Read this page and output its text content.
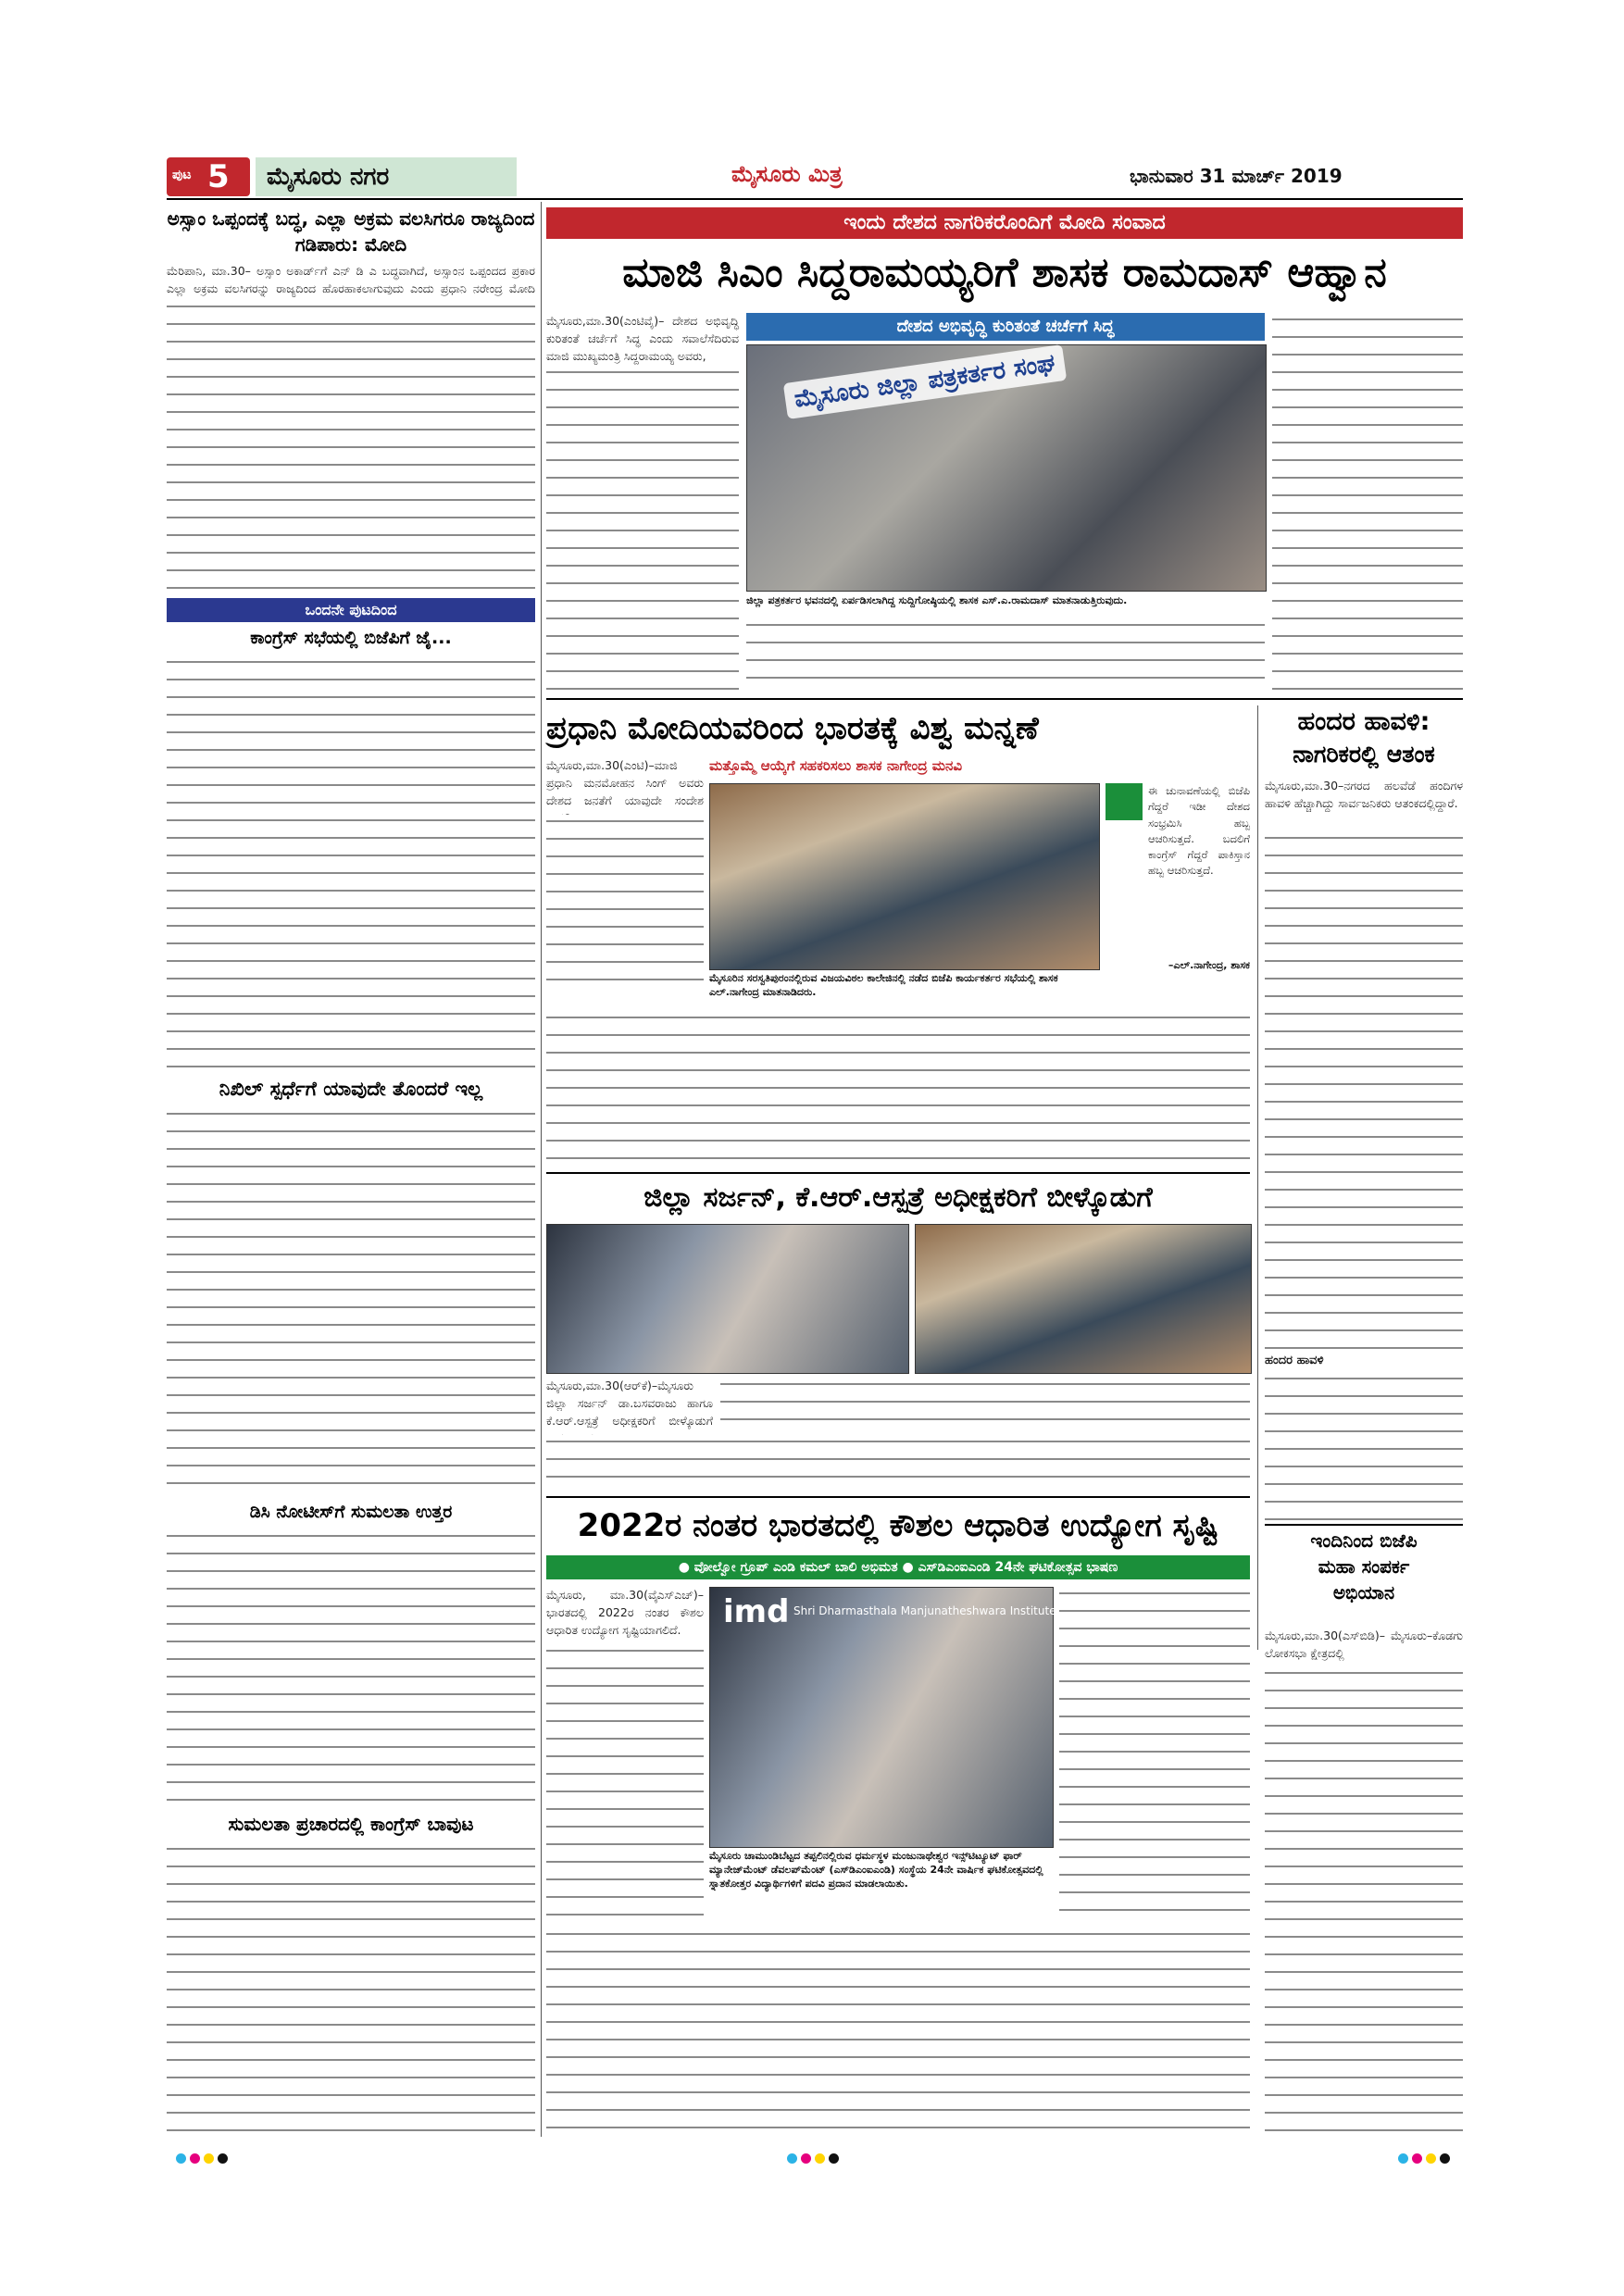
ಪುಟ 5	ಮೈಸೂರು ನಗರ	ಮೈಸೂರು ಮಿತ್ರ	ಭಾನುವಾರ 31 ಮಾರ್ಚ್ 2019
ಅಸ್ಸಾಂ ಒಪ್ಪಂದಕ್ಕೆ ಬದ್ಧ, ಎಲ್ಲಾ ಅಕ್ರಮ ವಲಸಿಗರೂ ರಾಜ್ಯದಿಂದ ಗಡಿಪಾರು: ಮೋದಿ
ಮೆರಿಪಾನಿ, ಮಾ.30– ಅಸ್ಸಾಂ ಅಕಾರ್ಡ್‌ಗೆ ಎನ್ ಡಿ ಎ ಬದ್ಧವಾಗಿದೆ, ಅಸ್ಸಾಂನ ಒಪ್ಪಂದದ ಪ್ರಕಾರ ಎಲ್ಲಾ ಅಕ್ರಮ ವಲಸಿಗರನ್ನು ರಾಜ್ಯದಿಂದ ಹೊರಹಾಕಲಾಗುವುದು ಎಂದು ಪ್ರಧಾನಿ ನರೇಂದ್ರ ಮೋದಿ
ಒಂದನೇ ಪುಟದಿಂದ
ಕಾಂಗ್ರೆಸ್ ಸಭೆಯಲ್ಲಿ ಬಿಜೆಪಿಗೆ ಜೈ...
ನಿಖಿಲ್ ಸ್ಪರ್ಧೆಗೆ ಯಾವುದೇ ತೊಂದರೆ ಇಲ್ಲ
ಡಿಸಿ ನೋಟೀಸ್‌ಗೆ ಸುಮಲತಾ ಉತ್ತರ
ಸುಮಲತಾ ಪ್ರಚಾರದಲ್ಲಿ ಕಾಂಗ್ರೆಸ್ ಬಾವುಟ
ಇಂದು ದೇಶದ ನಾಗರಿಕರೊಂದಿಗೆ ಮೋದಿ ಸಂವಾದ
ಮಾಜಿ ಸಿಎಂ ಸಿದ್ದರಾಮಯ್ಯರಿಗೆ ಶಾಸಕ ರಾಮದಾಸ್ ಆಹ್ವಾನ
ಮೈಸೂರು,ಮಾ.30(ಎಂಟಿವೈ)– ದೇಶದ ಅಭಿವೃದ್ಧಿ ಕುರಿತಂತೆ ಚರ್ಚೆಗೆ ಸಿದ್ಧ ಎಂದು ಸವಾಲೆಸೆದಿರುವ ಮಾಜಿ ಮುಖ್ಯಮಂತ್ರಿ ಸಿದ್ದರಾಮಯ್ಯ ಅವರು,
ದೇಶದ ಅಭಿವೃದ್ಧಿ ಕುರಿತಂತೆ ಚರ್ಚೆಗೆ ಸಿದ್ಧ
ಮೈಸೂರು ಜಿಲ್ಲಾ ಪತ್ರಕರ್ತರ ಸಂಘ
ಜಿಲ್ಲಾ ಪತ್ರಕರ್ತರ ಭವನದಲ್ಲಿ ಏರ್ಪಡಿಸಲಾಗಿದ್ದ ಸುದ್ದಿಗೋಷ್ಠಿಯಲ್ಲಿ ಶಾಸಕ ಎಸ್.ಎ.ರಾಮದಾಸ್ ಮಾತನಾಡುತ್ತಿರುವುದು.
ಪ್ರಧಾನಿ ಮೋದಿಯವರಿಂದ ಭಾರತಕ್ಕೆ ವಿಶ್ವ ಮನ್ನಣೆ
ಮೈಸೂರು,ಮಾ.30(ಎಂಟಿ)–ಮಾಜಿ ಪ್ರಧಾನಿ ಮನಮೋಹನ ಸಿಂಗ್ ಅವರು ದೇಶದ ಜನತೆಗೆ ಯಾವುದೇ ಸಂದೇಶ
ಮತ್ತೊಮ್ಮೆ ಆಯ್ಕೆಗೆ ಸಹಕರಿಸಲು ಶಾಸಕ ನಾಗೇಂದ್ರ ಮನವಿ
ಮೈಸೂರಿನ ಸರಸ್ವತಿಪುರಂನಲ್ಲಿರುವ ವಿಜಯವಿಠಲ ಕಾಲೇಜಿನಲ್ಲಿ ನಡೆದ ಬಿಜೆಪಿ ಕಾರ್ಯಕರ್ತರ ಸಭೆಯಲ್ಲಿ ಶಾಸಕ ಎಲ್.ನಾಗೇಂದ್ರ ಮಾತನಾಡಿದರು.
ಈ ಚುನಾವಣೆಯಲ್ಲಿ ಬಿಜೆಪಿ ಗೆದ್ದರೆ ಇಡೀ ದೇಶದ ಸಂಭ್ರಮಿಸಿ ಹಬ್ಬ ಆಚರಿಸುತ್ತದೆ. ಬದಲಿಗೆ ಕಾಂಗ್ರೆಸ್ ಗೆದ್ದರೆ ಪಾಕಿಸ್ತಾನ ಹಬ್ಬ ಆಚರಿಸುತ್ತದೆ.
–ಎಲ್.ನಾಗೇಂದ್ರ, ಶಾಸಕ
ಹಂದರ ಹಾವಳಿ:
ನಾಗರಿಕರಲ್ಲಿ ಆತಂಕ
ಮೈಸೂರು,ಮಾ.30–ನಗರದ ಹಲವೆಡೆ ಹಂದಿಗಳ ಹಾವಳಿ ಹೆಚ್ಚಾಗಿದ್ದು ಸಾರ್ವಜನಿಕರು ಆತಂಕದಲ್ಲಿದ್ದಾರೆ.
ಹಂದರ ಹಾವಳಿ
ಇಂದಿನಿಂದ ಬಿಜೆಪಿ
ಮಹಾ ಸಂಪರ್ಕ
ಅಭಿಯಾನ
ಮೈಸೂರು,ಮಾ.30(ಎಸ್‌ಬಿಡಿ)– ಮೈಸೂರು–ಕೊಡಗು ಲೋಕಸಭಾ ಕ್ಷೇತ್ರದಲ್ಲಿ
ಜಿಲ್ಲಾ ಸರ್ಜನ್, ಕೆ.ಆರ್.ಆಸ್ಪತ್ರೆ ಅಧೀಕ್ಷಕರಿಗೆ ಬೀಳ್ಕೊಡುಗೆ
ಮೈಸೂರು,ಮಾ.30(ಆರ್‌ಕೆ)–ಮೈಸೂರು ಜಿಲ್ಲಾ ಸರ್ಜನ್ ಡಾ.ಬಸವರಾಜು ಹಾಗೂ ಕೆ.ಆರ್.ಆಸ್ಪತ್ರೆ ಅಧೀಕ್ಷಕರಿಗೆ ಬೀಳ್ಕೊಡುಗೆ
2022ರ ನಂತರ ಭಾರತದಲ್ಲಿ ಕೌಶಲ ಆಧಾರಿತ ಉದ್ಯೋಗ ಸೃಷ್ಟಿ
● ವೋಲ್ವೋ ಗ್ರೂಪ್ ಎಂಡಿ ಕಮಲ್ ಬಾಲಿ ಅಭಿಮತ ● ಎಸ್‌ಡಿಎಂಐಎಂಡಿ 24ನೇ ಘಟಿಕೋತ್ಸವ ಭಾಷಣ
ಮೈಸೂರು, ಮಾ.30(ವೈಎಸ್‌ಎಚ್)– ಭಾರತದಲ್ಲಿ 2022ರ ನಂತರ ಕೌಶಲ ಆಧಾರಿತ ಉದ್ಯೋಗ ಸೃಷ್ಟಿಯಾಗಲಿದೆ.	imd Shri Dharmasthala Manjunatheshwara Institute
ಮೈಸೂರು ಚಾಮುಂಡಿಬೆಟ್ಟದ ತಪ್ಪಲಿನಲ್ಲಿರುವ ಧರ್ಮಸ್ಥಳ ಮಂಜುನಾಥೇಶ್ವರ ಇನ್ಸ್‌ಟಿಟ್ಯೂಟ್ ಫಾರ್ ಮ್ಯಾನೇಜ್‌ಮೆಂಟ್ ಡೆವಲಪ್‌ಮೆಂಟ್ (ಎಸ್‌ಡಿಎಂಐಎಂಡಿ) ಸಂಸ್ಥೆಯ 24ನೇ ವಾರ್ಷಿಕ ಘಟಿಕೋತ್ಸವದಲ್ಲಿ ಸ್ನಾತಕೋತ್ತರ ವಿದ್ಯಾರ್ಥಿಗಳಿಗೆ ಪದವಿ ಪ್ರದಾನ ಮಾಡಲಾಯಿತು.
